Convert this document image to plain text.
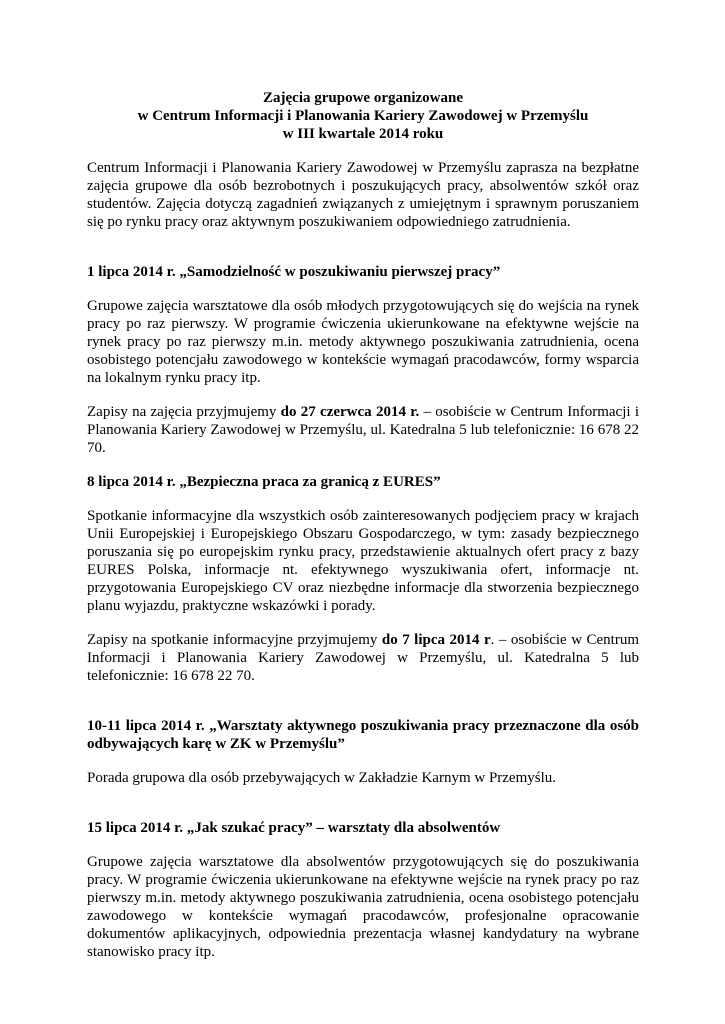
Zajęcia grupowe organizowane
w Centrum Informacji i Planowania Kariery Zawodowej w Przemyślu
w III kwartale 2014 roku

Centrum Informacji i Planowania Kariery Zawodowej w Przemyślu zaprasza na bezpłatne zajęcia grupowe dla osób bezrobotnych i poszukujących pracy, absolwentów szkół oraz studentów. Zajęcia dotyczą zagadnień związanych z umiejętnym i sprawnym poruszaniem się po rynku pracy oraz aktywnym poszukiwaniem odpowiedniego zatrudnienia.

1 lipca 2014 r. „Samodzielność w poszukiwaniu pierwszej pracy”

Grupowe zajęcia warsztatowe dla osób młodych przygotowujących się do wejścia na rynek pracy po raz pierwszy. W programie ćwiczenia ukierunkowane na efektywne wejście na rynek pracy po raz pierwszy m.in. metody aktywnego poszukiwania zatrudnienia, ocena osobistego potencjału zawodowego w kontekście wymagań pracodawców, formy wsparcia na lokalnym rynku pracy itp.

Zapisy na zajęcia przyjmujemy do 27 czerwca 2014 r. – osobiście w Centrum Informacji i Planowania Kariery Zawodowej w Przemyślu, ul. Katedralna 5 lub telefonicznie: 16 678 22 70.

8 lipca 2014 r. „Bezpieczna praca za granicą z EURES”

Spotkanie informacyjne dla wszystkich osób zainteresowanych podjęciem pracy w krajach Unii Europejskiej i Europejskiego Obszaru Gospodarczego, w tym: zasady bezpiecznego poruszania się po europejskim rynku pracy, przedstawienie aktualnych ofert pracy z bazy EURES Polska, informacje nt. efektywnego wyszukiwania ofert, informacje nt. przygotowania Europejskiego CV oraz niezbędne informacje dla stworzenia bezpiecznego planu wyjazdu, praktyczne wskazówki i porady.

Zapisy na spotkanie informacyjne przyjmujemy do 7 lipca 2014 r. – osobiście w Centrum Informacji i Planowania Kariery Zawodowej w Przemyślu, ul. Katedralna 5 lub telefonicznie: 16 678 22 70.

10-11 lipca 2014 r. „Warsztaty aktywnego poszukiwania pracy przeznaczone dla osób odbywających karę w ZK w Przemyślu”

Porada grupowa dla osób przebywających w Zakładzie Karnym w Przemyślu.

15 lipca 2014 r. „Jak szukać pracy” – warsztaty dla absolwentów

Grupowe zajęcia warsztatowe dla absolwentów przygotowujących się do poszukiwania pracy. W programie ćwiczenia ukierunkowane na efektywne wejście na rynek pracy po raz pierwszy m.in. metody aktywnego poszukiwania zatrudnienia, ocena osobistego potencjału zawodowego w kontekście wymagań pracodawców, profesjonalne opracowanie dokumentów aplikacyjnych, odpowiednia prezentacja własnej kandydatury na wybrane stanowisko pracy itp.
